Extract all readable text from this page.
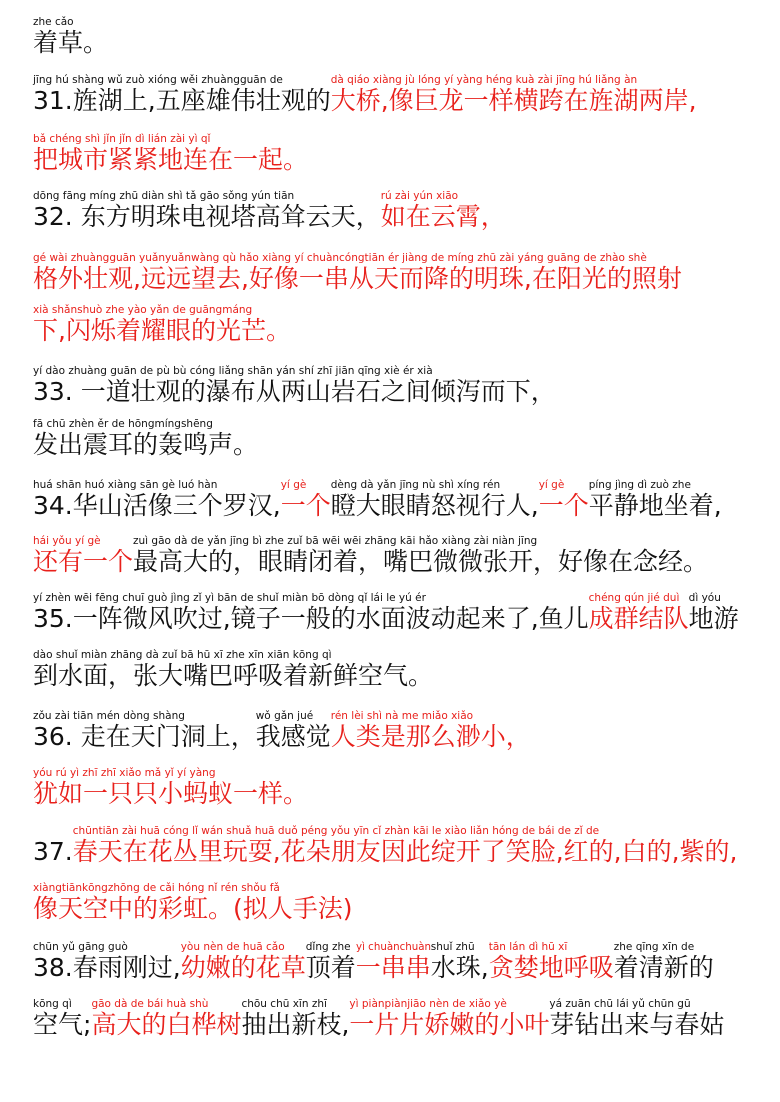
zhe cǎo
着草。
jīng hú shàng wǔ zuò xióng wěi zhuàngguān de
31.旌湖上,五座雄伟壮观的
dà qiáo xiàng jù lóng yí yàng héng kuà zài jīng hú liǎng àn
大桥,像巨龙一样横跨在旌湖两岸,
bǎ chéng shì jǐn jǐn dì lián zài yì qǐ
把城市紧紧地连在一起。
dōng fāng míng zhū diàn shì tǎ gāo sǒng yún tiān
32. 东方明珠电视塔高耸云天，
rú zài yún xiāo
如在云霄，
gé wài zhuàngguān yuǎnyuǎnwàng qù hǎo xiàng yí chuàncóngtiān ér jiàng de míng zhū zài yáng guāng de zhào shè
格外壮观,远远望去,好像一串从天而降的明珠,在阳光的照射
xià shǎnshuò zhe yào yǎn de guāngmáng
下,闪烁着耀眼的光芒。
yí dào zhuàng guān de pù bù cóng liǎng shān yán shí zhī jiān qīng xiè ér xià
33. 一道壮观的瀑布从两山岩石之间倾泻而下，
fā chū zhèn ěr de hōngmíngshēng
发出震耳的轰鸣声。
huá shān huó xiàng sān gè luó hàn
34.华山活像三个罗汉,
yí gè
一个
dèng dà yǎn jīng nù shì xíng rén
瞪大眼睛怒视行人,
yí gè
一个
píng jìng dì zuò zhe
平静地坐着,
hái yǒu yí gè
还有一个
zuì gāo dà de yǎn jīng bì zhe zuǐ bā wēi wēi zhāng kāi hǎo xiàng zài niàn jīng
最高大的，眼睛闭着，嘴巴微微张开，好像在念经。
yí zhèn wēi fēng chuī guò jìng zǐ yì bān de shuǐ miàn bō dòng qǐ lái le yú ér
35.一阵微风吹过,镜子一般的水面波动起来了,鱼儿
chéng qún jié duì
成群结队
dì yóu
地游
dào shuǐ miàn zhāng dà zuǐ bā hū xī zhe xīn xiān kōng qì
到水面，张大嘴巴呼吸着新鲜空气。
zǒu zài tiān mén dòng shàng
36. 走在天门洞上，
wǒ gǎn jué
我感觉
rén lèi shì nà me miǎo xiǎo
人类是那么渺小，
yóu rú yì zhī zhī xiǎo mǎ yǐ yí yàng
犹如一只只小蚂蚁一样。
37.
chūntiān zài huā cóng lǐ wán shuǎ huā duǒ péng yǒu yīn cǐ zhàn kāi le xiào liǎn hóng de bái de zǐ de
春天在花丛里玩耍,花朵朋友因此绽开了笑脸,红的,白的,紫的,
xiàngtiānkōngzhōng de cǎi hóng nǐ rén shǒu fǎ
像天空中的彩虹。(拟人手法)
chūn yǔ gāng guò
38.春雨刚过,
yòu nèn de huā cǎo
幼嫩的花草
dǐng zhe
顶着
yì chuànchuàn
一串串
shuǐ zhū
水珠,
tān lán dì hū xī
贪婪地呼吸
zhe qīng xīn de
着清新的
kōng qì
空气;
gāo dà de bái huà shù
高大的白桦树
chōu chū xīn zhī
抽出新枝,
yì piànpiànjiāo nèn de xiǎo yè
一片片娇嫩的小叶
yá zuān chū lái yǔ chūn gū
芽钻出来与春姑
